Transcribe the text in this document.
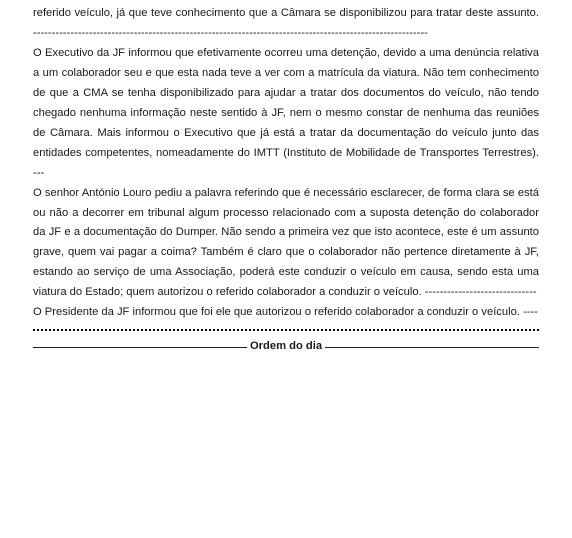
referido veículo, já que teve conhecimento que a Câmara se disponibilizou para tratar deste assunto. ----------------------------------------------------------------------------------------------------------

O Executivo da JF informou que efetivamente ocorreu uma detenção, devido a uma denúncia relativa a um colaborador seu e que esta nada teve a ver com a matrícula da viatura. Não tem conhecimento de que a CMA se tenha disponibilizado para ajudar a tratar dos documentos do veículo, não tendo chegado nenhuma informação neste sentido à JF, nem o mesmo constar de nenhuma das reuniões de Câmara. Mais informou o Executivo que já está a tratar da documentação do veículo junto das entidades competentes, nomeadamente do IMTT (Instituto de Mobilidade de Transportes Terrestres). ---

O senhor António Louro pediu a palavra referindo que é necessário esclarecer, de forma clara se está ou não a decorrer em tribunal algum processo relacionado com a suposta detenção do colaborador da JF e a documentação do Dumper. Não sendo a primeira vez que isto acontece, este é um assunto grave, quem vai pagar a coima? Também é claro que o colaborador não pertence diretamente à JF, estando ao serviço de uma Associação, poderá este conduzir o veículo em causa, sendo esta uma viatura do Estado; quem autorizou o referido colaborador a conduzir o veículo. ------------------------------

O Presidente da JF informou que foi ele que autorizou o referido colaborador a conduzir o veículo. ----

Ordem do dia
